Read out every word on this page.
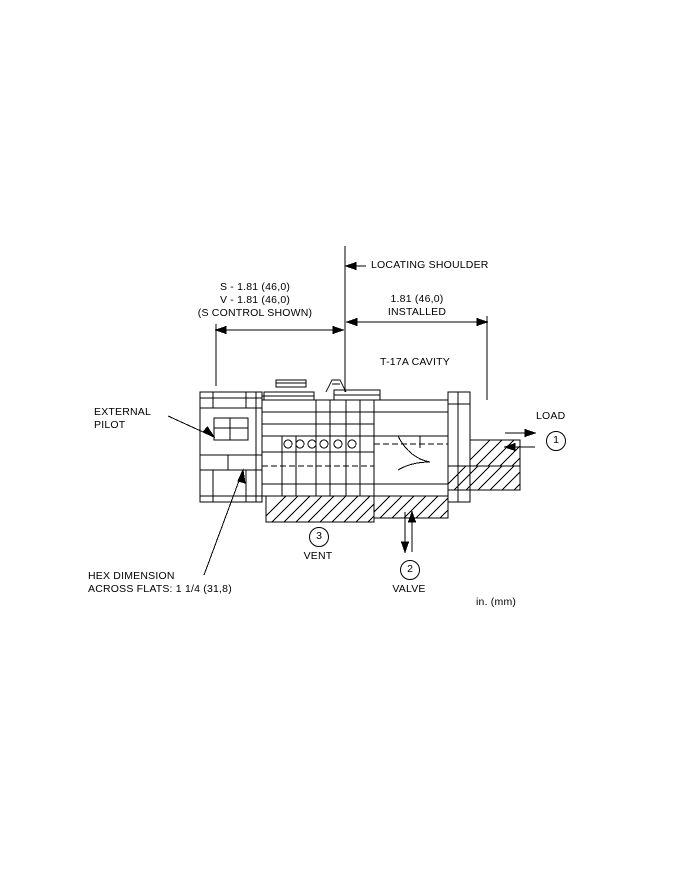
LOCATING SHOULDER
S - 1.81 (46,0)
V - 1.81 (46,0)
(S CONTROL SHOWN)
1.81 (46,0)
INSTALLED
T-17A CAVITY
EXTERNAL
PILOT
HEX DIMENSION
ACROSS FLATS: 1 1/4 (31,8)
LOAD
1
3
VENT
2
VALVE
in. (mm)
